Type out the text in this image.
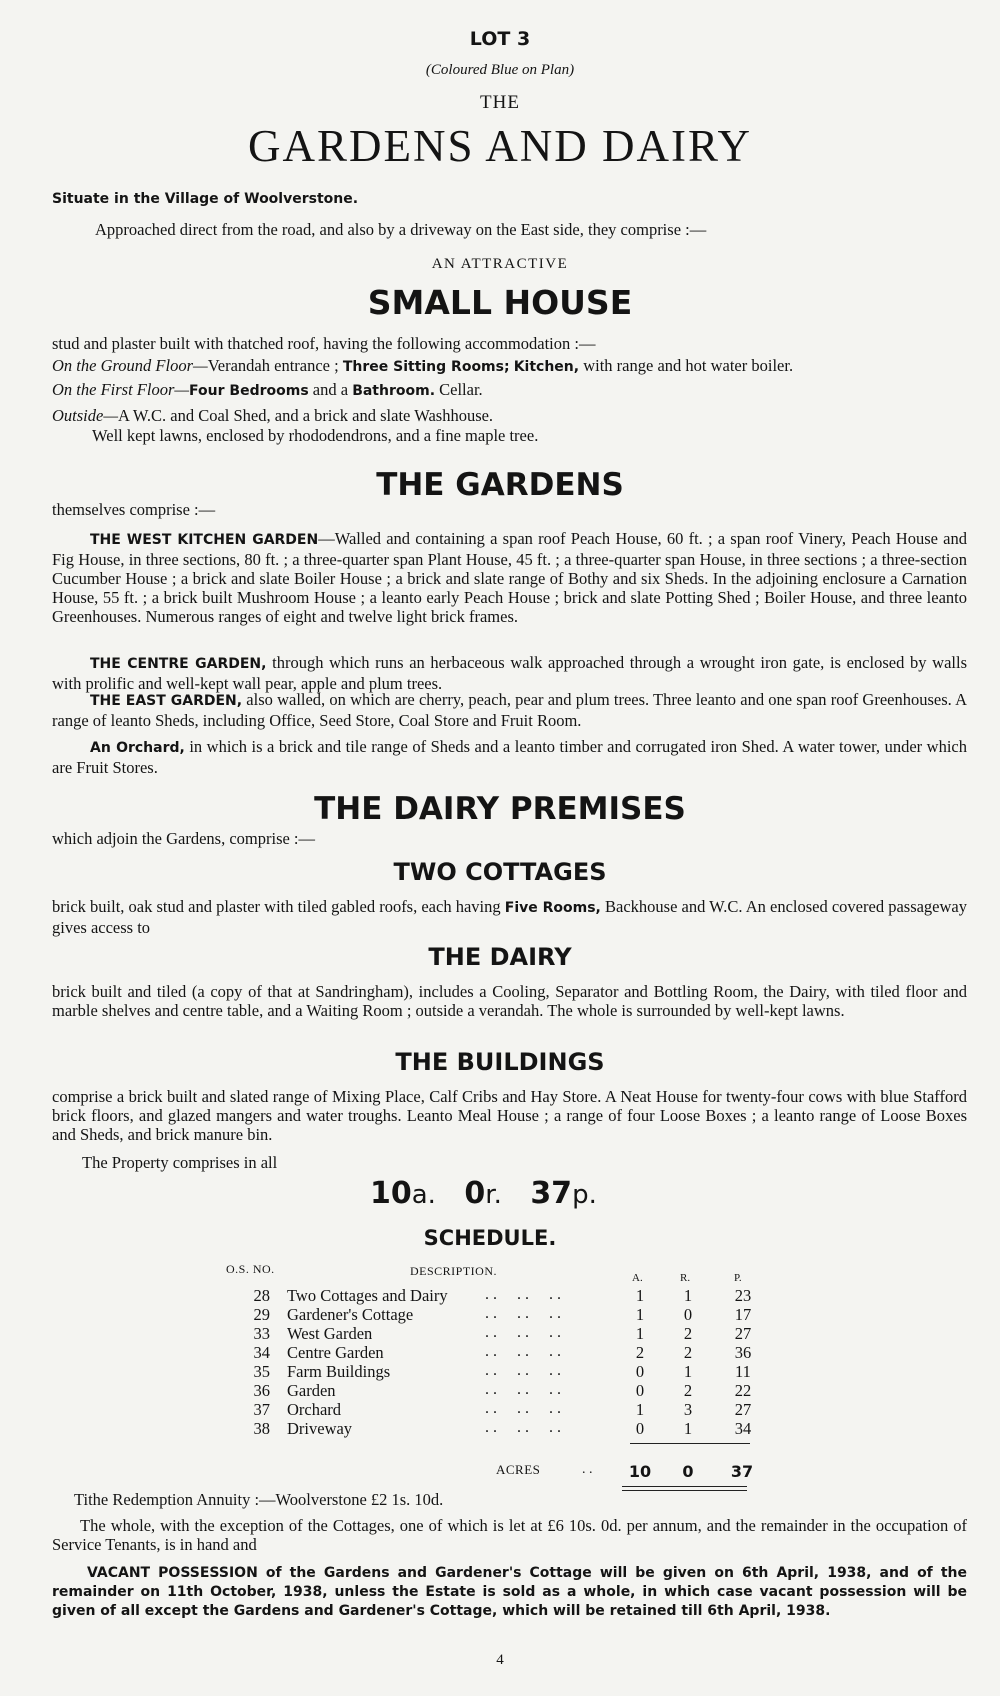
LOT 3
(Coloured Blue on Plan)
THE
GARDENS AND DAIRY
Situate in the Village of Woolverstone.
Approached direct from the road, and also by a driveway on the East side, they comprise :—
AN ATTRACTIVE
SMALL HOUSE
stud and plaster built with thatched roof, having the following accommodation :—
On the Ground Floor—Verandah entrance ; Three Sitting Rooms; Kitchen, with range and hot water boiler.
On the First Floor—Four Bedrooms and a Bathroom. Cellar.
Outside—A W.C. and Coal Shed, and a brick and slate Washhouse.
Well kept lawns, enclosed by rhododendrons, and a fine maple tree.
THE GARDENS
themselves comprise :—
THE WEST KITCHEN GARDEN—Walled and containing a span roof Peach House, 60 ft. ; a span roof Vinery, Peach House and Fig House, in three sections, 80 ft. ; a three-quarter span Plant House, 45 ft. ; a three-quarter span House, in three sections ; a three-section Cucumber House ; a brick and slate Boiler House ; a brick and slate range of Bothy and six Sheds. In the adjoining enclosure a Carnation House, 55 ft. ; a brick built Mushroom House ; a leanto early Peach House ; brick and slate Potting Shed ; Boiler House, and three leanto Greenhouses. Numerous ranges of eight and twelve light brick frames.
THE CENTRE GARDEN, through which runs an herbaceous walk approached through a wrought iron gate, is enclosed by walls with prolific and well-kept wall pear, apple and plum trees.
THE EAST GARDEN, also walled, on which are cherry, peach, pear and plum trees. Three leanto and one span roof Greenhouses. A range of leanto Sheds, including Office, Seed Store, Coal Store and Fruit Room.
An Orchard, in which is a brick and tile range of Sheds and a leanto timber and corrugated iron Shed. A water tower, under which are Fruit Stores.
THE DAIRY PREMISES
which adjoin the Gardens, comprise :—
TWO COTTAGES
brick built, oak stud and plaster with tiled gabled roofs, each having Five Rooms, Backhouse and W.C. An enclosed covered passageway gives access to
THE DAIRY
brick built and tiled (a copy of that at Sandringham), includes a Cooling, Separator and Bottling Room, the Dairy, with tiled floor and marble shelves and centre table, and a Waiting Room ; outside a verandah. The whole is surrounded by well-kept lawns.
THE BUILDINGS
comprise a brick built and slated range of Mixing Place, Calf Cribs and Hay Store. A Neat House for twenty-four cows with blue Stafford brick floors, and glazed mangers and water troughs. Leanto Meal House ; a range of four Loose Boxes ; a leanto range of Loose Boxes and Sheds, and brick manure bin.
The Property comprises in all
10a. 0r. 37p.
SCHEDULE.
O.S. NO.	DESCRIPTION.	A.	R.	P.
28 Two Cottages and Dairy	1	1	23
. .     . .     . .
29 Gardener's Cottage	1	0	17
. .     . .     . .
33 West Garden	1	2	27
. .     . .     . .
34 Centre Garden	2	2	36
. .     . .     . .
35 Farm Buildings	0	1	11
. .     . .     . .
36 Garden	0	2	22
. .     . .     . .
37 Orchard	1	3	27
. .     . .     . .
38 Driveway	0	1	34
. .     . .     . .
ACRES	. . 10 0 37
Tithe Redemption Annuity :—Woolverstone £2 1s. 10d.
The whole, with the exception of the Cottages, one of which is let at £6 10s. 0d. per annum, and the remainder in the occupation of Service Tenants, is in hand and
VACANT POSSESSION of the Gardens and Gardener's Cottage will be given on 6th April, 1938, and of the remainder on 11th October, 1938, unless the Estate is sold as a whole, in which case vacant possession will be given of all except the Gardens and Gardener's Cottage, which will be retained till 6th April, 1938.
4
